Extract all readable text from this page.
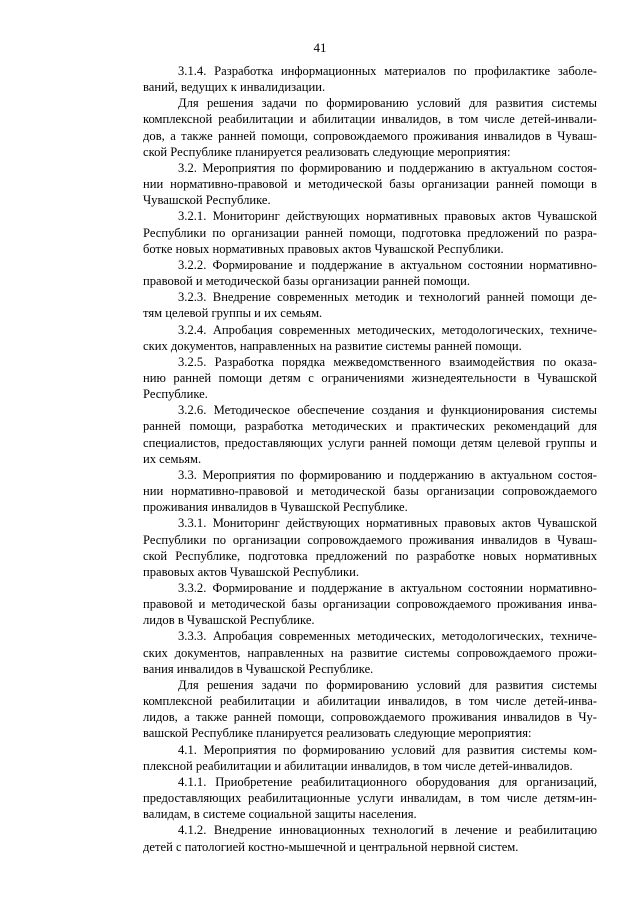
41
3.1.4. Разработка информационных материалов по профилактике заболе-
ваний, ведущих к инвалидизации.
Для решения задачи по формированию условий для развития системы
комплексной реабилитации и абилитации инвалидов, в том числе детей-инвали-
дов, а также ранней помощи, сопровождаемого проживания инвалидов в Чуваш-
ской Республике планируется реализовать следующие мероприятия:
3.2. Мероприятия по формированию и поддержанию в актуальном состоя-
нии нормативно-правовой и методической базы организации ранней помощи в
Чувашской Республике.
3.2.1. Мониторинг действующих нормативных правовых актов Чувашской
Республики по организации ранней помощи, подготовка предложений по разра-
ботке новых нормативных правовых актов Чувашской Республики.
3.2.2. Формирование и поддержание в актуальном состоянии нормативно-
правовой и методической базы организации ранней помощи.
3.2.3. Внедрение современных методик и технологий ранней помощи де-
тям целевой группы и их семьям.
3.2.4. Апробация современных методических, методологических, техниче-
ских документов, направленных на развитие системы ранней помощи.
3.2.5. Разработка порядка межведомственного взаимодействия по оказа-
нию ранней помощи детям с ограничениями жизнедеятельности в Чувашской
Республике.
3.2.6. Методическое обеспечение создания и функционирования системы
ранней помощи, разработка методических и практических рекомендаций для
специалистов, предоставляющих услуги ранней помощи детям целевой группы и
их семьям.
3.3. Мероприятия по формированию и поддержанию в актуальном состоя-
нии нормативно-правовой и методической базы организации сопровождаемого
проживания инвалидов в Чувашской Республике.
3.3.1. Мониторинг действующих нормативных правовых актов Чувашской
Республики по организации сопровождаемого проживания инвалидов в Чуваш-
ской Республике, подготовка предложений по разработке новых нормативных
правовых актов Чувашской Республики.
3.3.2. Формирование и поддержание в актуальном состоянии нормативно-
правовой и методической базы организации сопровождаемого проживания инва-
лидов в Чувашской Республике.
3.3.3. Апробация современных методических, методологических, техниче-
ских документов, направленных на развитие системы сопровождаемого прожи-
вания инвалидов в Чувашской Республике.
Для решения задачи по формированию условий для развития системы
комплексной реабилитации и абилитации инвалидов, в том числе детей-инва-
лидов, а также ранней помощи, сопровождаемого проживания инвалидов в Чу-
вашской Республике планируется реализовать следующие мероприятия:
4.1. Мероприятия по формированию условий для развития системы ком-
плексной реабилитации и абилитации инвалидов, в том числе детей-инвалидов.
4.1.1. Приобретение реабилитационного оборудования для организаций,
предоставляющих реабилитационные услуги инвалидам, в том числе детям-ин-
валидам, в системе социальной защиты населения.
4.1.2. Внедрение инновационных технологий в лечение и реабилитацию
детей с патологией костно-мышечной и центральной нервной систем.
